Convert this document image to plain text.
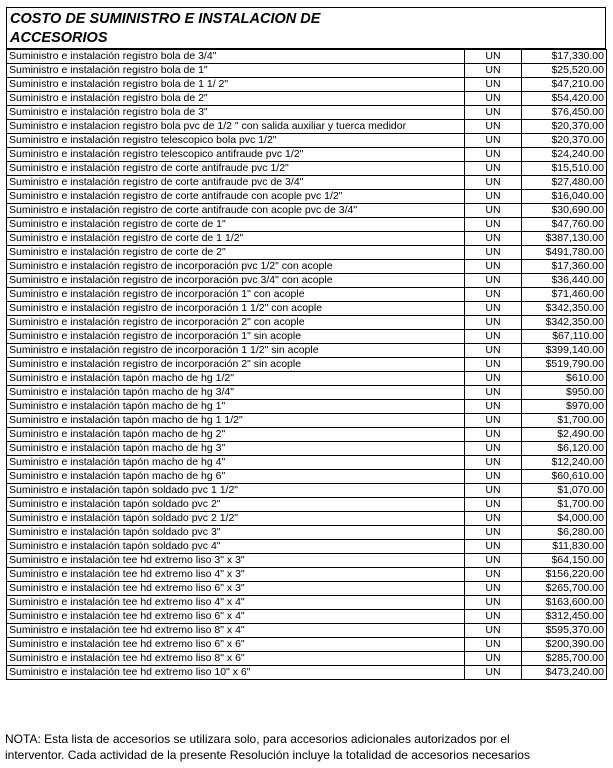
COSTO DE SUMINISTRO E INSTALACION DE
ACCESORIOS
Suministro e instalación registro bola de 3/4"	UN	$17,330.00
Suministro e instalación registro bola de 1"	UN	$25,520.00
Suministro e instalación registro bola de 1 1/ 2"	UN	$47,210.00
Suministro e instalación registro bola de 2"	UN	$54,420.00
Suministro e instalación registro bola de 3"	UN	$76,450.00
Suministro e instalacion registro bola pvc de 1/2 " con salida auxiliar y tuerca medidor	UN	$20,370.00
Suministro e instalación registro telescopico bola pvc 1/2"	UN	$20,370.00
Suministro e instalación registro telescopico antifraude pvc 1/2"	UN	$24,240.00
Suministro e instalación registro de corte antifraude pvc 1/2"	UN	$15,510.00
Suministro e instalación registro de corte antifraude pvc de 3/4"	UN	$27,480.00
Suministro e instalación registro de corte antifraude con acople pvc 1/2"	UN	$16,040.00
Suministro e instalación registro de corte antifraude con acople pvc de 3/4"	UN	$30,690.00
Suministro e instalación registro de corte de 1"	UN	$47,760.00
Suministro e instalación registro de corte de 1 1/2"	UN	$387,130.00
Suministro e instalación registro de corte de 2"	UN	$491,780.00
Suministro e instalación registro de incorporación pvc 1/2" con acople	UN	$17,360.00
Suministro e instalación registro de incorporación pvc 3/4" con acople	UN	$36,440.00
Suministro e instalación registro de incorporación 1" con acople	UN	$71,460.00
Suministro e instalación registro de incorporación 1 1/2" con acople	UN	$342,350.00
Suministro e instalación registro de incorporación 2" con acople	UN	$342,350.00
Suministro e instalación registro de incorporación 1" sin acople	UN	$67,110.00
Suministro e instalación registro de incorporación 1 1/2" sin acople	UN	$399,140.00
Suministro e instalación registro de incorporación 2" sin acople	UN	$519,790.00
Suministro e instalación tapón macho de hg 1/2"	UN	$610.00
Suministro e instalación tapón macho de hg 3/4"	UN	$950.00
Suministro e instalación tapón macho de hg 1"	UN	$970.00
Suministro e instalación tapón macho de hg 1 1/2"	UN	$1,700.00
Suministro e instalación tapón macho de hg 2"	UN	$2,490.00
Suministro e instalación tapón macho de hg 3"	UN	$6,120.00
Suministro e instalación tapón macho de hg 4"	UN	$12,240.00
Suministro e instalación tapón macho de hg 6"	UN	$60,610.00
Suministro e instalación tapón soldado pvc 1 1/2"	UN	$1,070.00
Suministro e instalación tapón soldado pvc 2"	UN	$1,700.00
Suministro e instalación tapón soldado pvc 2 1/2"	UN	$4,000.00
Suministro e instalación tapón soldado pvc 3"	UN	$6,280.00
Suministro e instalación tapón soldado pvc 4"	UN	$11,830.00
Suministro e instalación tee hd extremo liso 3" x 3"	UN	$64,150.00
Suministro e instalación tee hd extremo liso 4" x 3"	UN	$156,220.00
Suministro e instalación tee hd extremo liso 6" x 3"	UN	$265,700.00
Suministro e instalación tee hd extremo liso 4" x 4"	UN	$163,600.00
Suministro e instalación tee hd extremo liso 6" x 4"	UN	$312,450.00
Suministro e instalación tee hd extremo liso 8" x 4"	UN	$595,370.00
Suministro e instalación tee hd extremo liso 6" x 6"	UN	$200,390.00
Suministro e instalación tee hd extremo liso 8" x 6"	UN	$285,700.00
Suministro e instalación tee hd extremo liso 10" x 6"	UN	$473,240.00
NOTA: Esta lista de accesorios se utilizara solo, para accesorios adicionales autorizados por el
interventor. Cada actividad de la presente Resolución incluye la totalidad de accesorios necesarios
